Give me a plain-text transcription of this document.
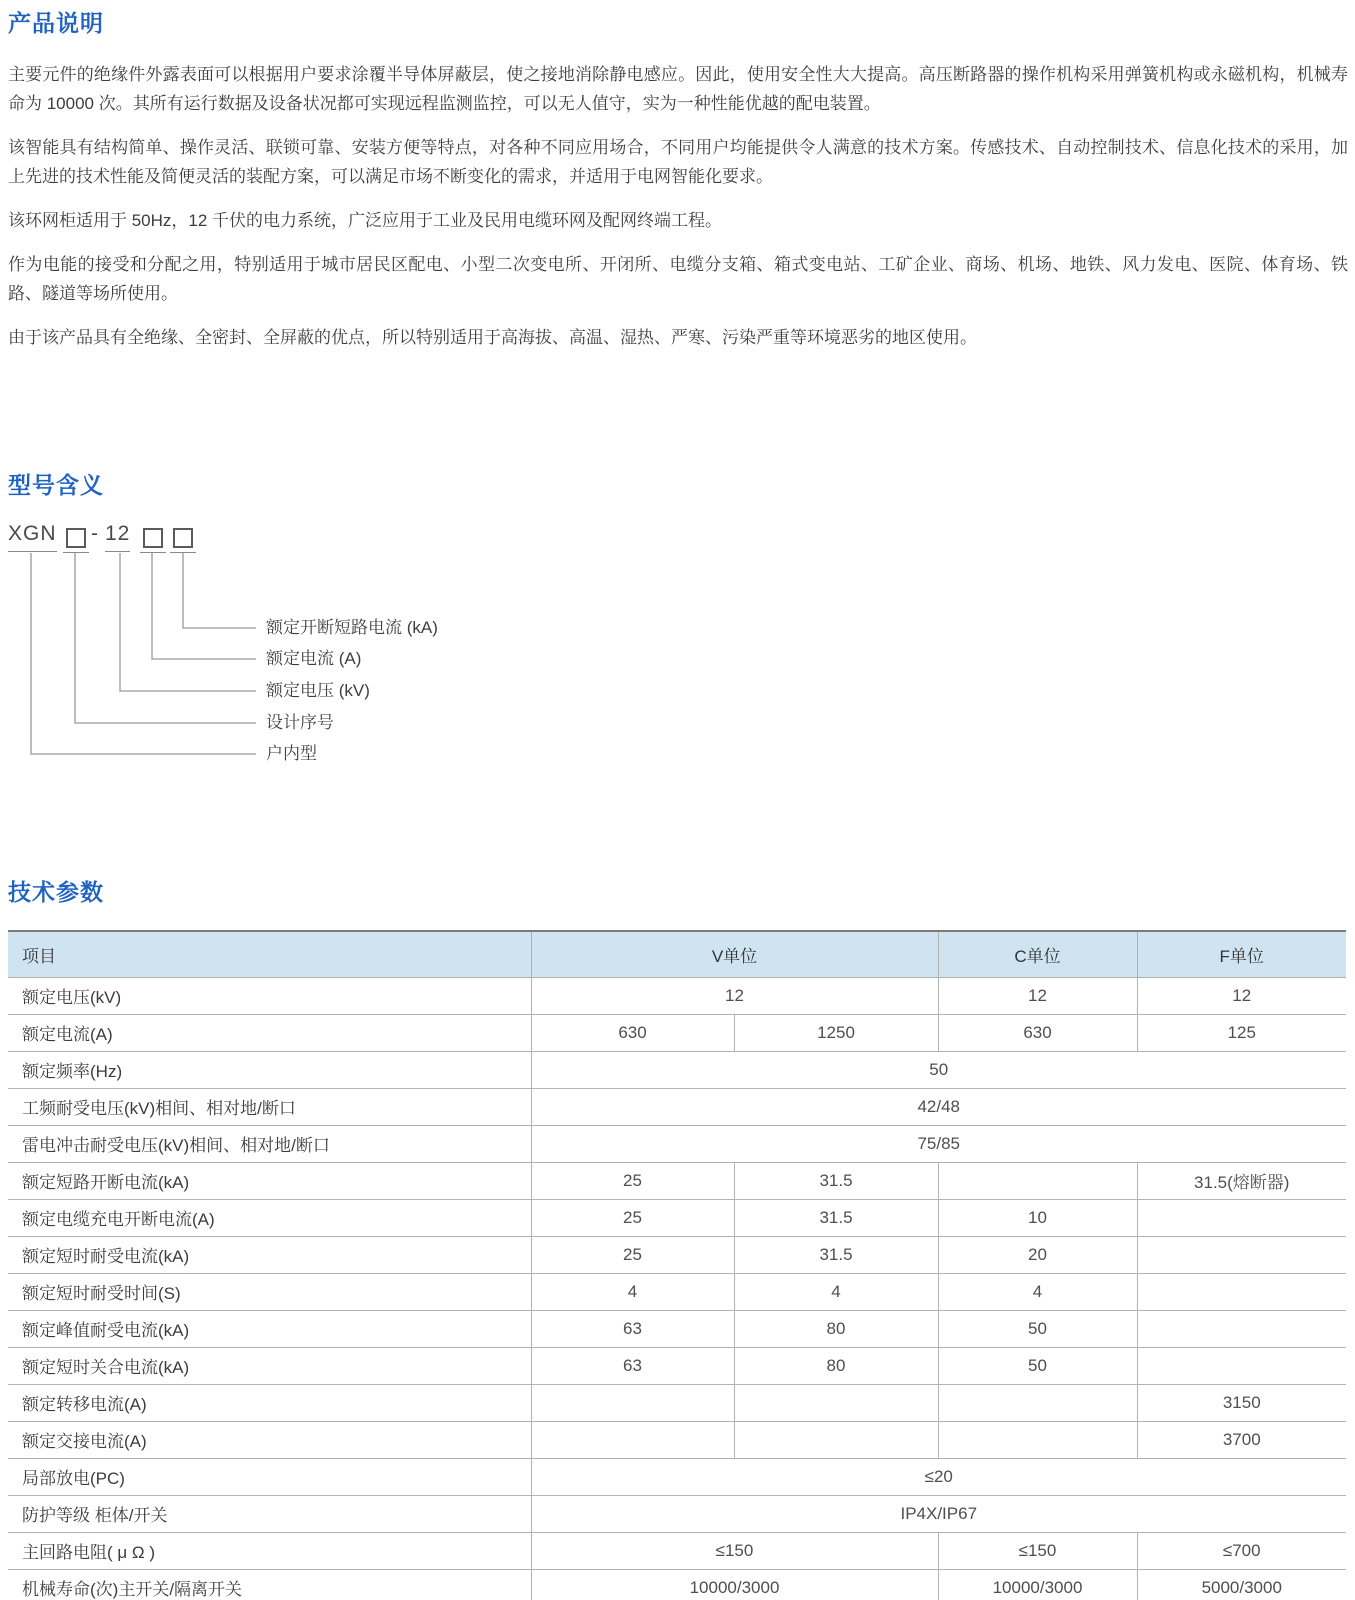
产品说明

主要元件的绝缘件外露表面可以根据用户要求涂覆半导体屏蔽层，使之接地消除静电感应。因此，使用安全性大大提高。高压断路器的操作机构采用弹簧机构或永磁机构，机械寿命为 10000 次。其所有运行数据及设备状况都可实现远程监测监控，可以无人值守，实为一种性能优越的配电装置。

该智能具有结构简单、操作灵活、联锁可靠、安装方便等特点，对各种不同应用场合，不同用户均能提供令人满意的技术方案。传感技术、自动控制技术、信息化技术的采用，加上先进的技术性能及简便灵活的装配方案，可以满足市场不断变化的需求，并适用于电网智能化要求。

该环网柜适用于 50Hz，12 千伏的电力系统，广泛应用于工业及民用电缆环网及配网终端工程。

作为电能的接受和分配之用，特别适用于城市居民区配电、小型二次变电所、开闭所、电缆分支箱、箱式变电站、工矿企业、商场、机场、地铁、风力发电、医院、体育场、铁路、隧道等场所使用。

由于该产品具有全绝缘、全密封、全屏蔽的优点，所以特别适用于高海拔、高温、湿热、严寒、污染严重等环境恶劣的地区使用。

型号含义
XGN - 12
额定开断短路电流 (kA)
额定电流 (A)
额定电压 (kV)
设计序号
户内型
技术参数
项目	V单位		C单位	F单位
额定电压(kV)	12		12	12
额定电流(A)	630	1250	630	125
额定频率(Hz)	50			
工频耐受电压(kV)相间、相对地/断口	42/48			
雷电冲击耐受电压(kV)相间、相对地/断口	75/85			
额定短路开断电流(kA)	25	31.5		31.5(熔断器)
额定电缆充电开断电流(A)	25	31.5	10	
额定短时耐受电流(kA)	25	31.5	20	
额定短时耐受时间(S)	4	4	4	
额定峰值耐受电流(kA)	63	80	50	
额定短时关合电流(kA)	63	80	50	
额定转移电流(A)				3150
额定交接电流(A)				3700
局部放电(PC)	≤20			
防护等级 柜体/开关	IP4X/IP67			
主回路电阻( μ Ω )	≤150		≤150	≤700
机械寿命(次)主开关/隔离开关	10000/3000		10000/3000	5000/3000
